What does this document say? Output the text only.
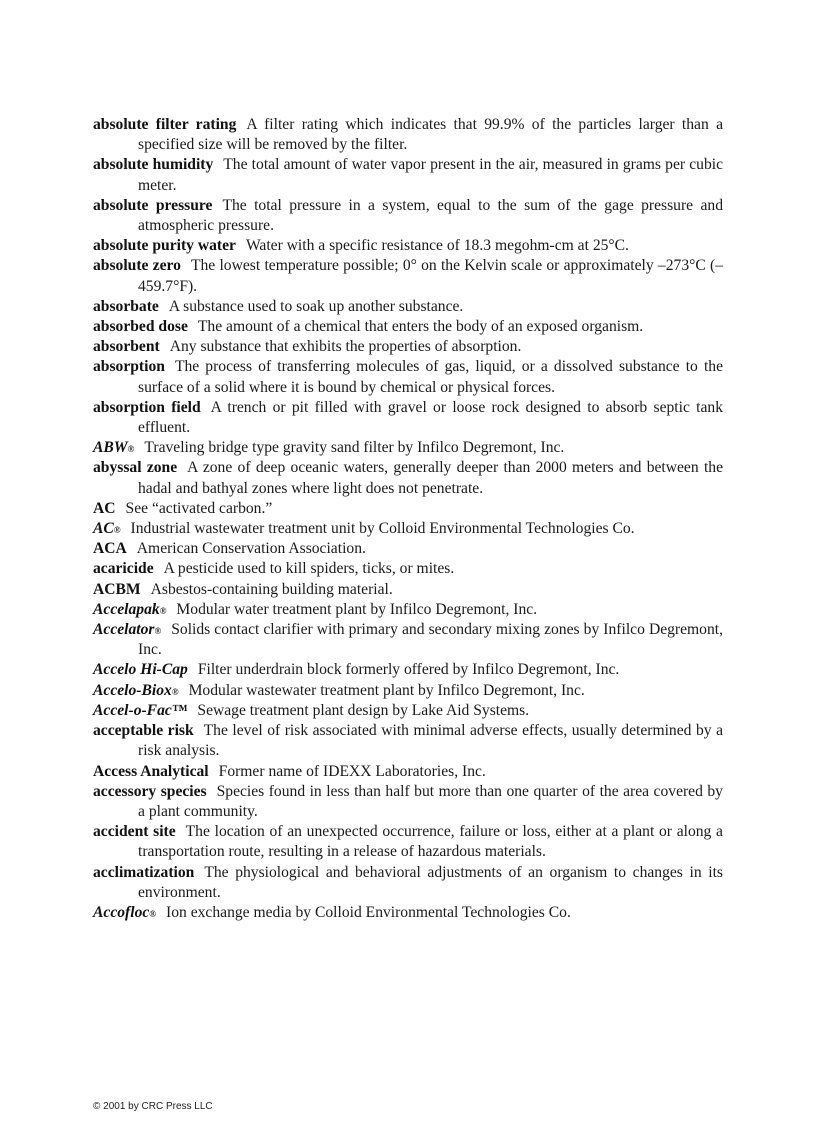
absolute filter rating A filter rating which indicates that 99.9% of the particles larger than a specified size will be removed by the filter.

absolute humidity The total amount of water vapor present in the air, measured in grams per cubic meter.

absolute pressure The total pressure in a system, equal to the sum of the gage pressure and atmospheric pressure.

absolute purity water Water with a specific resistance of 18.3 megohm-cm at 25°C.

absolute zero The lowest temperature possible; 0° on the Kelvin scale or approximately –273°C (– 459.7°F).

absorbate A substance used to soak up another substance.

absorbed dose The amount of a chemical that enters the body of an exposed organism.

absorbent Any substance that exhibits the properties of absorption.

absorption The process of transferring molecules of gas, liquid, or a dissolved substance to the surface of a solid where it is bound by chemical or physical forces.

absorption field A trench or pit filled with gravel or loose rock designed to absorb septic tank effluent.

ABW® Traveling bridge type gravity sand filter by Infilco Degremont, Inc.

abyssal zone A zone of deep oceanic waters, generally deeper than 2000 meters and between the hadal and bathyal zones where light does not penetrate.

AC See “activated carbon.”

AC® Industrial wastewater treatment unit by Colloid Environmental Technologies Co.

ACA American Conservation Association.

acaricide A pesticide used to kill spiders, ticks, or mites.

ACBM Asbestos-containing building material.

Accelapak® Modular water treatment plant by Infilco Degremont, Inc.

Accelator® Solids contact clarifier with primary and secondary mixing zones by Infilco Degremont, Inc.

Accelo Hi-Cap Filter underdrain block formerly offered by Infilco Degremont, Inc.

Accelo-Biox® Modular wastewater treatment plant by Infilco Degremont, Inc.

Accel-o-Fac™ Sewage treatment plant design by Lake Aid Systems.

acceptable risk The level of risk associated with minimal adverse effects, usually determined by a risk analysis.

Access Analytical Former name of IDEXX Laboratories, Inc.

accessory species Species found in less than half but more than one quarter of the area covered by a plant community.

accident site The location of an unexpected occurrence, failure or loss, either at a plant or along a transportation route, resulting in a release of hazardous materials.

acclimatization The physiological and behavioral adjustments of an organism to changes in its environment.

Accofloc® Ion exchange media by Colloid Environmental Technologies Co.

© 2001 by CRC Press LLC
